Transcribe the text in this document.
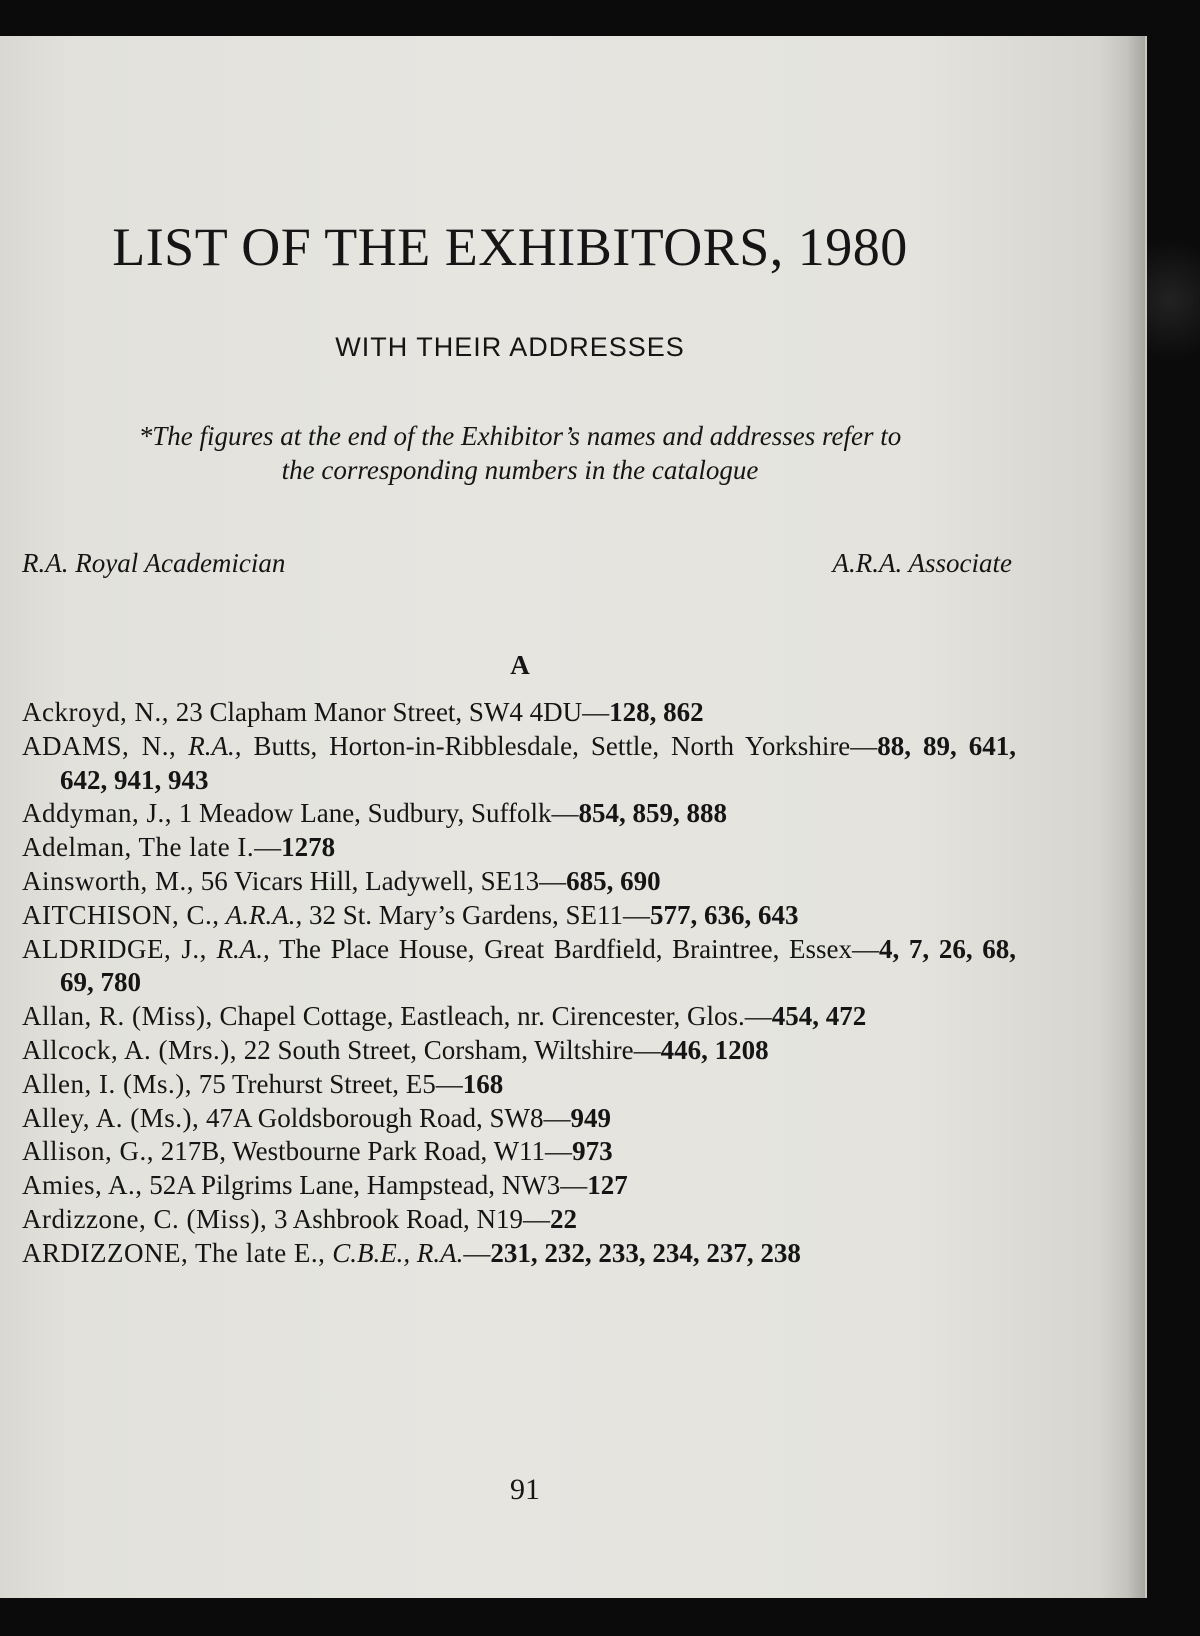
LIST OF THE EXHIBITORS, 1980
WITH THEIR ADDRESSES

*The figures at the end of the Exhibitor’s names and addresses refer to
the corresponding numbers in the catalogue

R.A. Royal Academician	A.R.A. Associate
A
Ackroyd, N., 23 Clapham Manor Street, SW4 4DU—128, 862
ADAMS, N., R.A., Butts, Horton-in-Ribblesdale, Settle, North Yorkshire—88, 89, 641, 642, 941, 943
Addyman, J., 1 Meadow Lane, Sudbury, Suffolk—854, 859, 888
Adelman, The late I.—1278
Ainsworth, M., 56 Vicars Hill, Ladywell, SE13—685, 690
AITCHISON, C., A.R.A., 32 St. Mary’s Gardens, SE11—577, 636, 643
ALDRIDGE, J., R.A., The Place House, Great Bardfield, Braintree, Essex—4, 7, 26, 68, 69, 780
Allan, R. (Miss), Chapel Cottage, Eastleach, nr. Cirencester, Glos.—454, 472
Allcock, A. (Mrs.), 22 South Street, Corsham, Wiltshire—446, 1208
Allen, I. (Ms.), 75 Trehurst Street, E5—168
Alley, A. (Ms.), 47A Goldsborough Road, SW8—949
Allison, G., 217B, Westbourne Park Road, W11—973
Amies, A., 52A Pilgrims Lane, Hampstead, NW3—127
Ardizzone, C. (Miss), 3 Ashbrook Road, N19—22
ARDIZZONE, The late E., C.B.E., R.A.—231, 232, 233, 234, 237, 238
91
